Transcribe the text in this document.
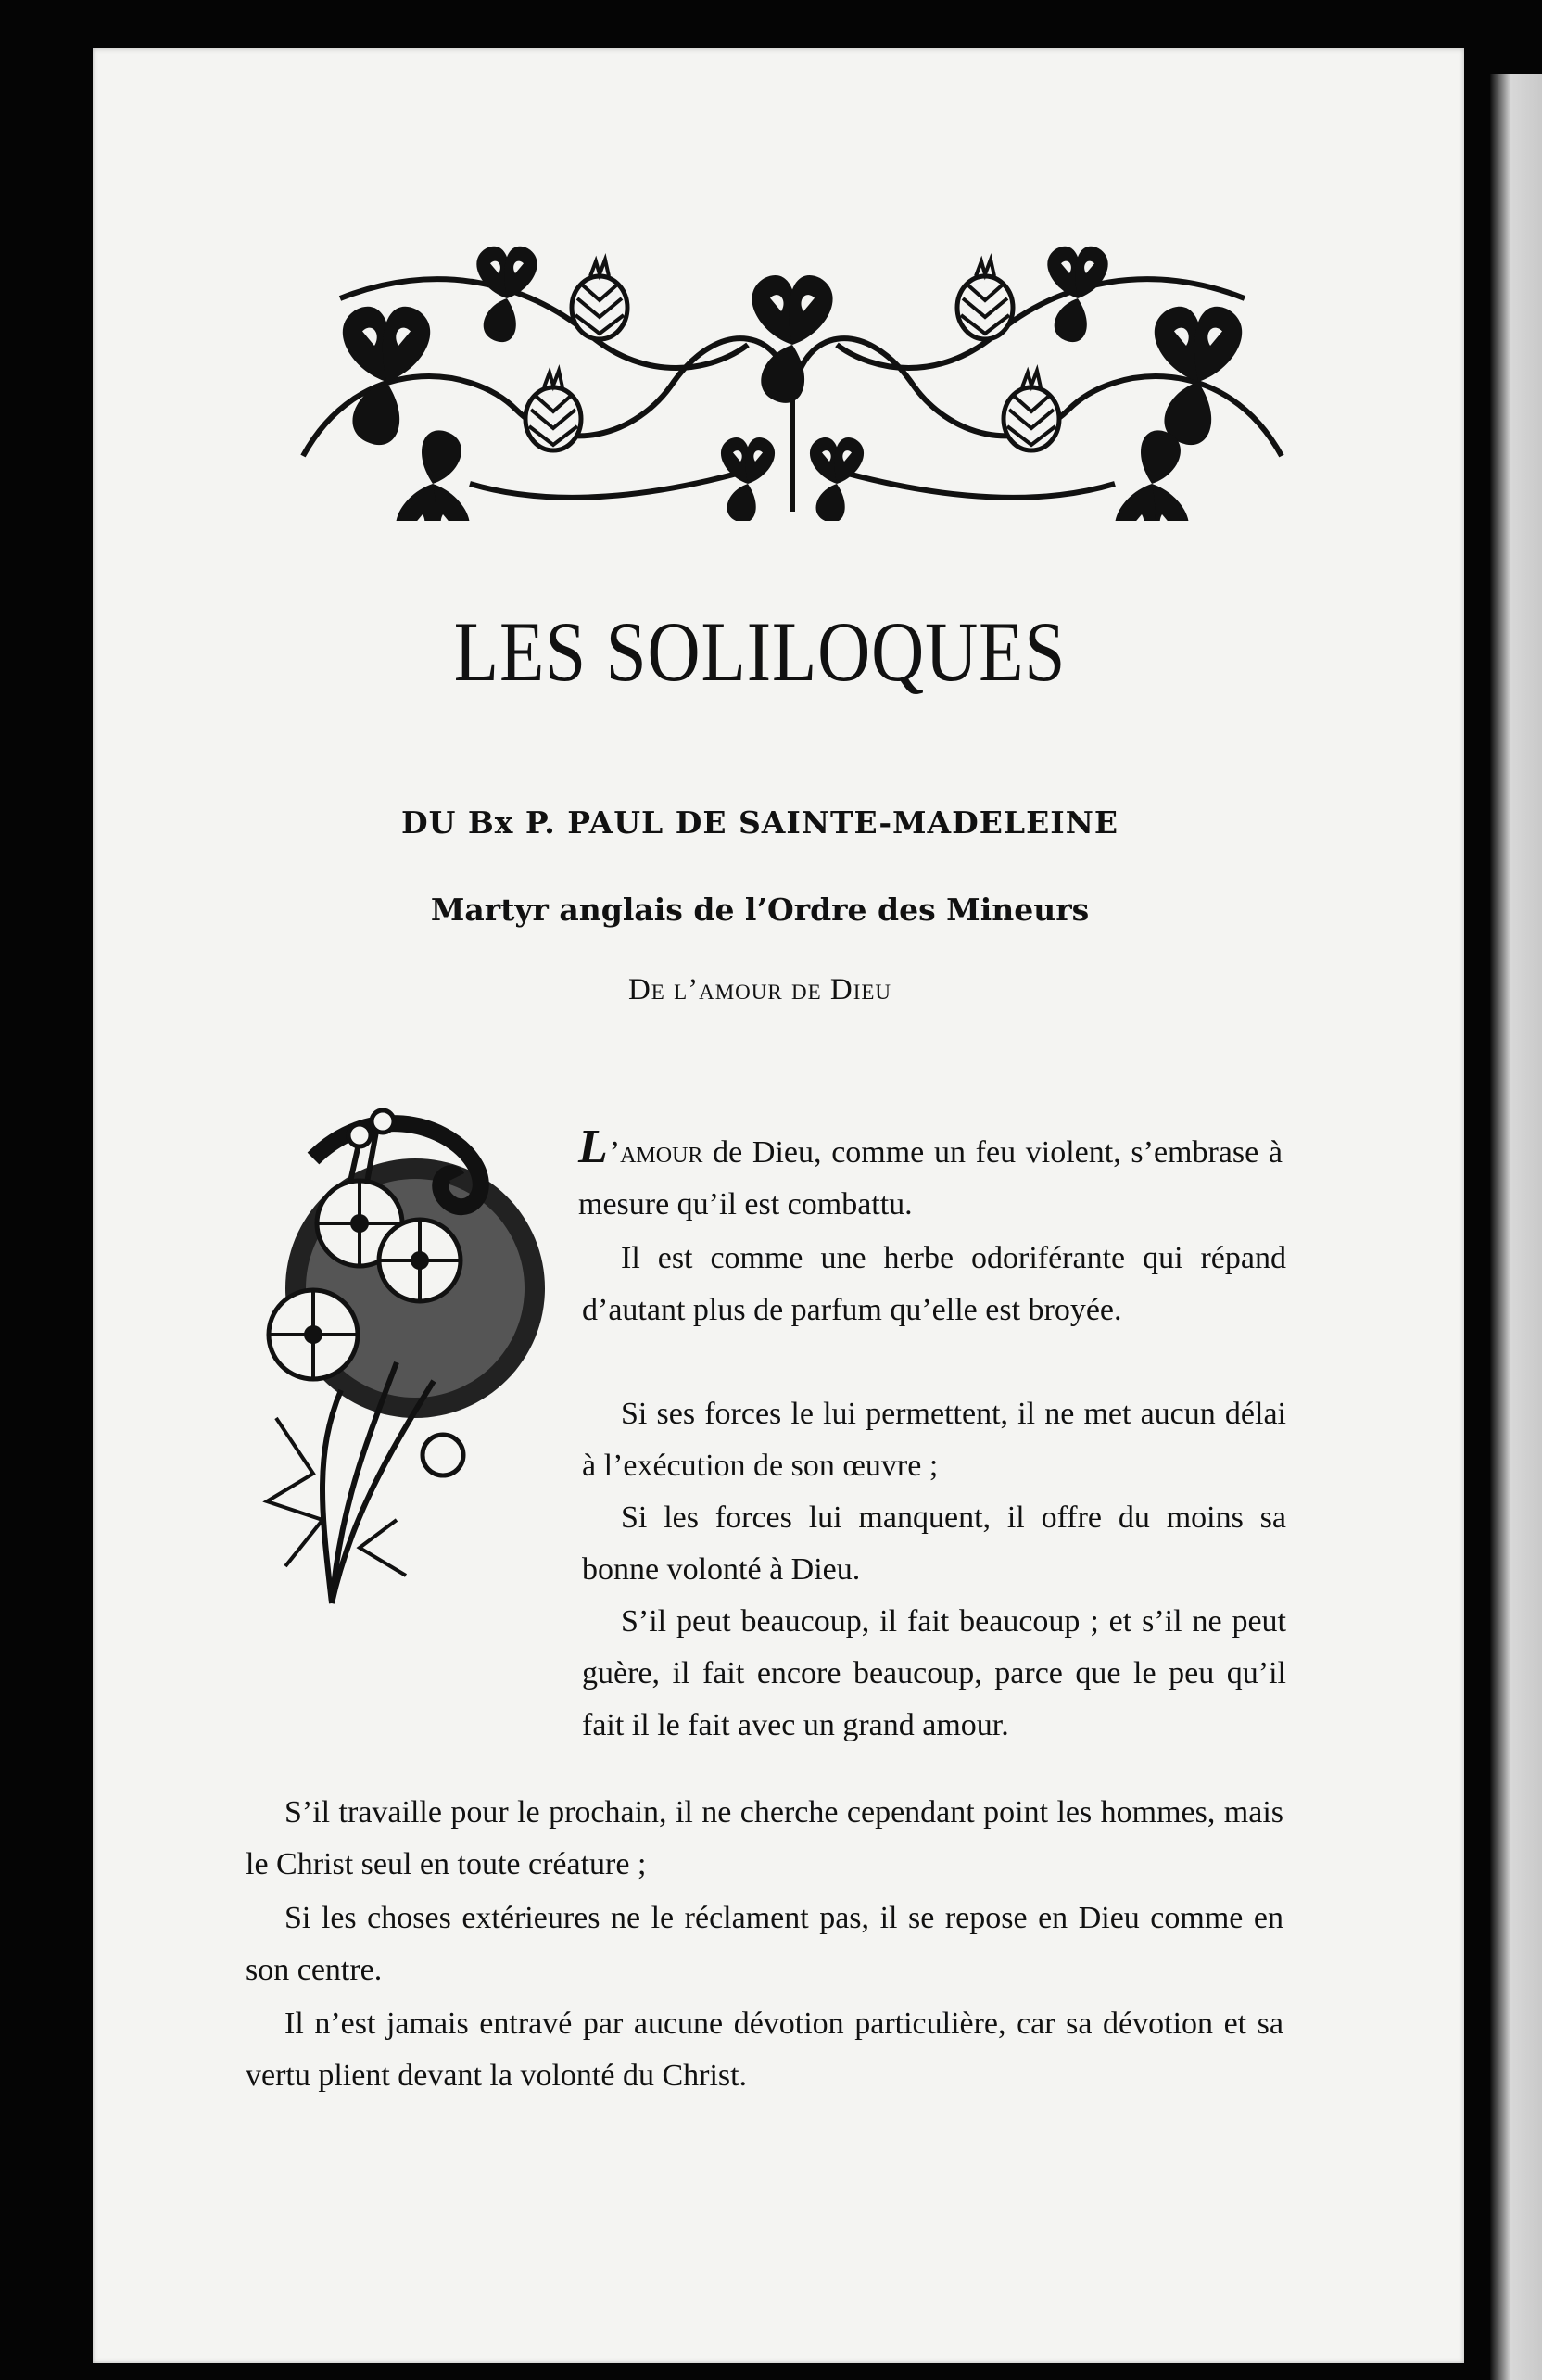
LES SOLILOQUES
DU Bx P. PAUL DE SAINTE-MADELEINE
Martyr anglais de l’Ordre des Mineurs
De l’amour de Dieu

L’amour de Dieu, comme un feu violent, s’embrase à mesure qu’il est combattu.

Il est comme une herbe odoriférante qui répand d’autant plus de parfum qu’elle est broyée.

Si ses forces le lui permettent, il ne met aucun délai à l’exécution de son œuvre ;

Si les forces lui manquent, il offre du moins sa bonne volonté à Dieu.

S’il peut beaucoup, il fait beaucoup ; et s’il ne peut guère, il fait encore beaucoup, parce que le peu qu’il fait il le fait avec un grand amour.

S’il travaille pour le prochain, il ne cherche cependant point les hommes, mais le Christ seul en toute créature ;

Si les choses extérieures ne le réclament pas, il se repose en Dieu comme en son centre.

Il n’est jamais entravé par aucune dévotion particulière, car sa dévotion et sa vertu plient devant la volonté du Christ.
